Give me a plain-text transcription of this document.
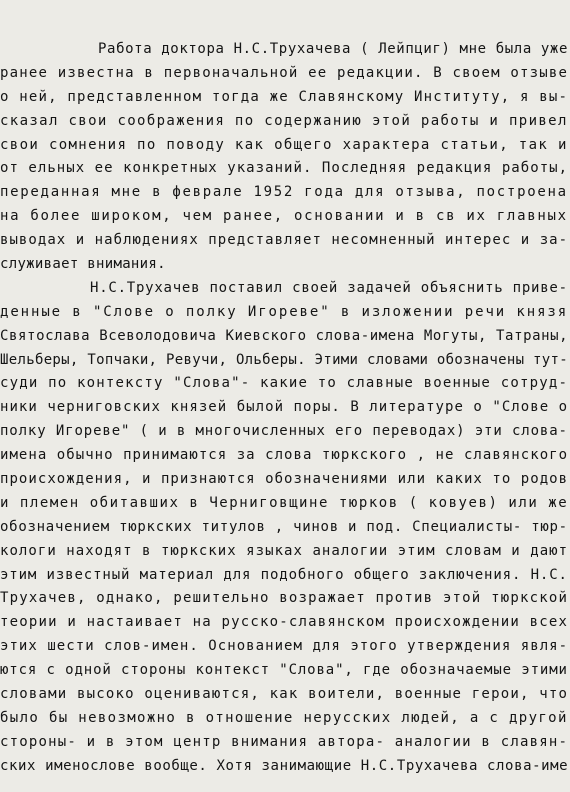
Работа доктора Н.С.Трухачева ( Лейпциг) мне была уже
ранее известна в первоначальной ее редакции. В своем отзыве
о ней, представленном тогда же Славянскому Институту, я вы-
сказал свои соображения по содержанию этой работы и привел
свои сомнения по поводу как общего характера статьи, так и
от ельных ее конкретных указаний. Последняя редакция работы,
переданная мне в феврале 1952 года для отзыва, построена
на более широком, чем ранее, основании и в св их главных
выводах и наблюдениях представляет несомненный интерес и за-
служивает внимания.
Н.С.Трухачев поставил своей задачей объяснить приве-
денные в "Слове о полку Игореве" в изложении речи князя
Святослава Всеволодовича Киевского слова-имена Могуты, Татраны,
Шельберы, Топчаки, Ревучи, Ольберы. Этими словами обозначены тут-
суди по контексту "Слова"- какие то славные военные сотруд-
ники черниговских князей былой поры. В литературе о "Слове о
полку Игореве" ( и в многочисленных его переводах) эти слова-
имена обычно принимаются за слова тюркского , не славянского
происхождения, и признаются обозначениями или каких то родов
и племен обитавших в Черниговщине тюрков ( ковуев) или же
обозначением тюркских титулов , чинов и под. Специалисты- тюр-
кологи находят в тюркских языках аналогии этим словам и дают
этим известный материал для подобного общего заключения. Н.С.
Трухачев, однако, решительно возражает против этой тюркской
теории и настаивает на русско-славянском происхождении всех
этих шести слов-имен. Основанием для этого утверждения явля-
ются с одной стороны контекст "Слова", где обозначаемые этими
словами высоко оцениваются, как воители, военные герои, что
было бы невозможно в отношение нерусских людей, а с другой
стороны- и в этом центр внимания автора- аналогии в славян-
ских именослове вообще. Хотя занимающие Н.С.Трухачева слова-име
